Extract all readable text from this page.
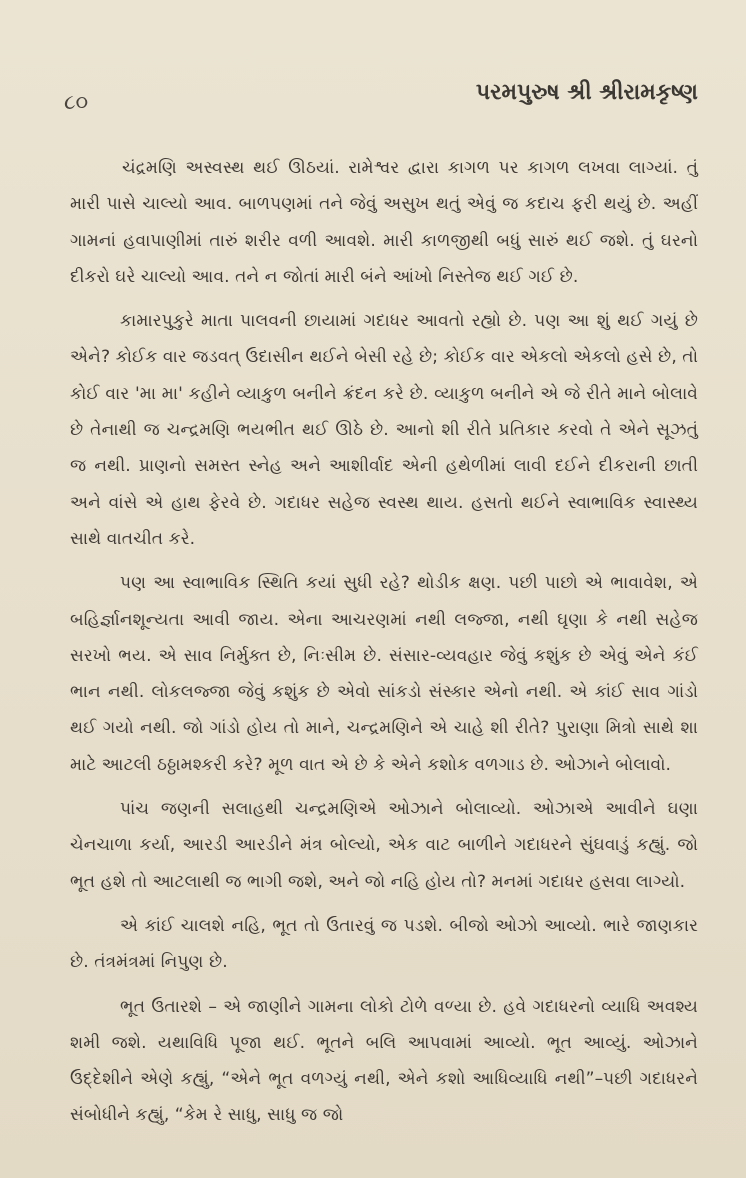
૮૦	પરમપુરુષ શ્રી શ્રીરામકૃષ્ણ

ચંદ્રમણિ અસ્વસ્થ થઈ ઊઠયાં. રામેશ્વર દ્વારા કાગળ પર કાગળ લખવા લાગ્યાં. તું મારી પાસે ચાલ્યો આવ. બાળપણમાં તને જેવું અસુખ થતું એવું જ કદાચ ફરી થયું છે. અહીં ગામનાં હવાપાણીમાં તારું શરીર વળી આવશે. મારી કાળજીથી બધું સારું થઈ જશે. તું ઘરનો દીકરો ઘરે ચાલ્યો આવ. તને ન જોતાં મારી બંને આંખો નિસ્તેજ થઈ ગઈ છે.

કામારપુકુરે માતા પાલવની છાયામાં ગદાધર આવતો રહ્યો છે. પણ આ શું થઈ ગયું છે એને? કોઈક વાર જડવત્ ઉદાસીન થઈને બેસી રહે છે; કોઈક વાર એકલો એકલો હસે છે, તો કોઈ વાર 'મા મા' કહીને વ્યાકુળ બનીને ક્રંદન કરે છે. વ્યાકુળ બનીને એ જે રીતે માને બોલાવે છે તેનાથી જ ચન્દ્રમણિ ભયભીત થઈ ઊઠે છે. આનો શી રીતે પ્રતિકાર કરવો તે એને સૂઝતું જ નથી. પ્રાણનો સમસ્ત સ્નેહ અને આશીર્વાદ એની હથેળીમાં લાવી દઈને દીકરાની છાતી અને વાંસે એ હાથ ફેરવે છે. ગદાધર સહેજ સ્વસ્થ થાય. હસતો થઈને સ્વાભાવિક સ્વાસ્થ્ય સાથે વાતચીત કરે.

પણ આ સ્વાભાવિક સ્થિતિ કયાં સુધી રહે? થોડીક ક્ષણ. પછી પાછો એ ભાવાવેશ, એ બહિર્જ્ઞાનશૂન્યતા આવી જાય. એના આચરણમાં નથી લજ્જા, નથી ઘૃણા કે નથી સહેજ સરખો ભય. એ સાવ નિર્મુક્ત છે, નિઃસીમ છે. સંસાર-વ્યવહાર જેવું કશુંક છે એવું એને કંઈ ભાન નથી. લોકલજ્જા જેવું કશુંક છે એવો સાંકડો સંસ્કાર એનો નથી. એ કાંઈ સાવ ગાંડો થઈ ગયો નથી. જો ગાંડો હોય તો માને, ચન્દ્રમણિને એ ચાહે શી રીતે? પુરાણા મિત્રો સાથે શા માટે આટલી ઠઠ્ઠામશ્કરી કરે? મૂળ વાત એ છે કે એને કશોક વળગાડ છે. ઓઝાને બોલાવો.

પાંચ જણની સલાહથી ચન્દ્રમણિએ ઓઝાને બોલાવ્યો. ઓઝાએ આવીને ઘણા ચેનચાળા કર્યા, આરડી આરડીને મંત્ર બોલ્યો, એક વાટ બાળીને ગદાધરને સુંઘવાડું કહ્યું. જો ભૂત હશે તો આટલાથી જ ભાગી જશે, અને જો નહિ હોય તો? મનમાં ગદાધર હસવા લાગ્યો.

એ કાંઈ ચાલશે નહિ, ભૂત તો ઉતારવું જ પડશે. બીજો ઓઝો આવ્યો. ભારે જાણકાર છે. તંત્રમંત્રમાં નિપુણ છે.

ભૂત ઉતારશે – એ જાણીને ગામના લોકો ટોળે વળ્યા છે. હવે ગદાધરનો વ્યાધિ અવશ્ય શમી જશે. યથાવિધિ પૂજા થઈ. ભૂતને બલિ આપવામાં આવ્યો. ભૂત આવ્યું. ઓઝાને ઉદ્દેશીને એણે કહ્યું, “એને ભૂત વળગ્યું નથી, એને કશો આધિવ્યાધિ નથી”–પછી ગદાધરને સંબોધીને કહ્યું, “કેમ રે સાધુ, સાધુ જ જો
